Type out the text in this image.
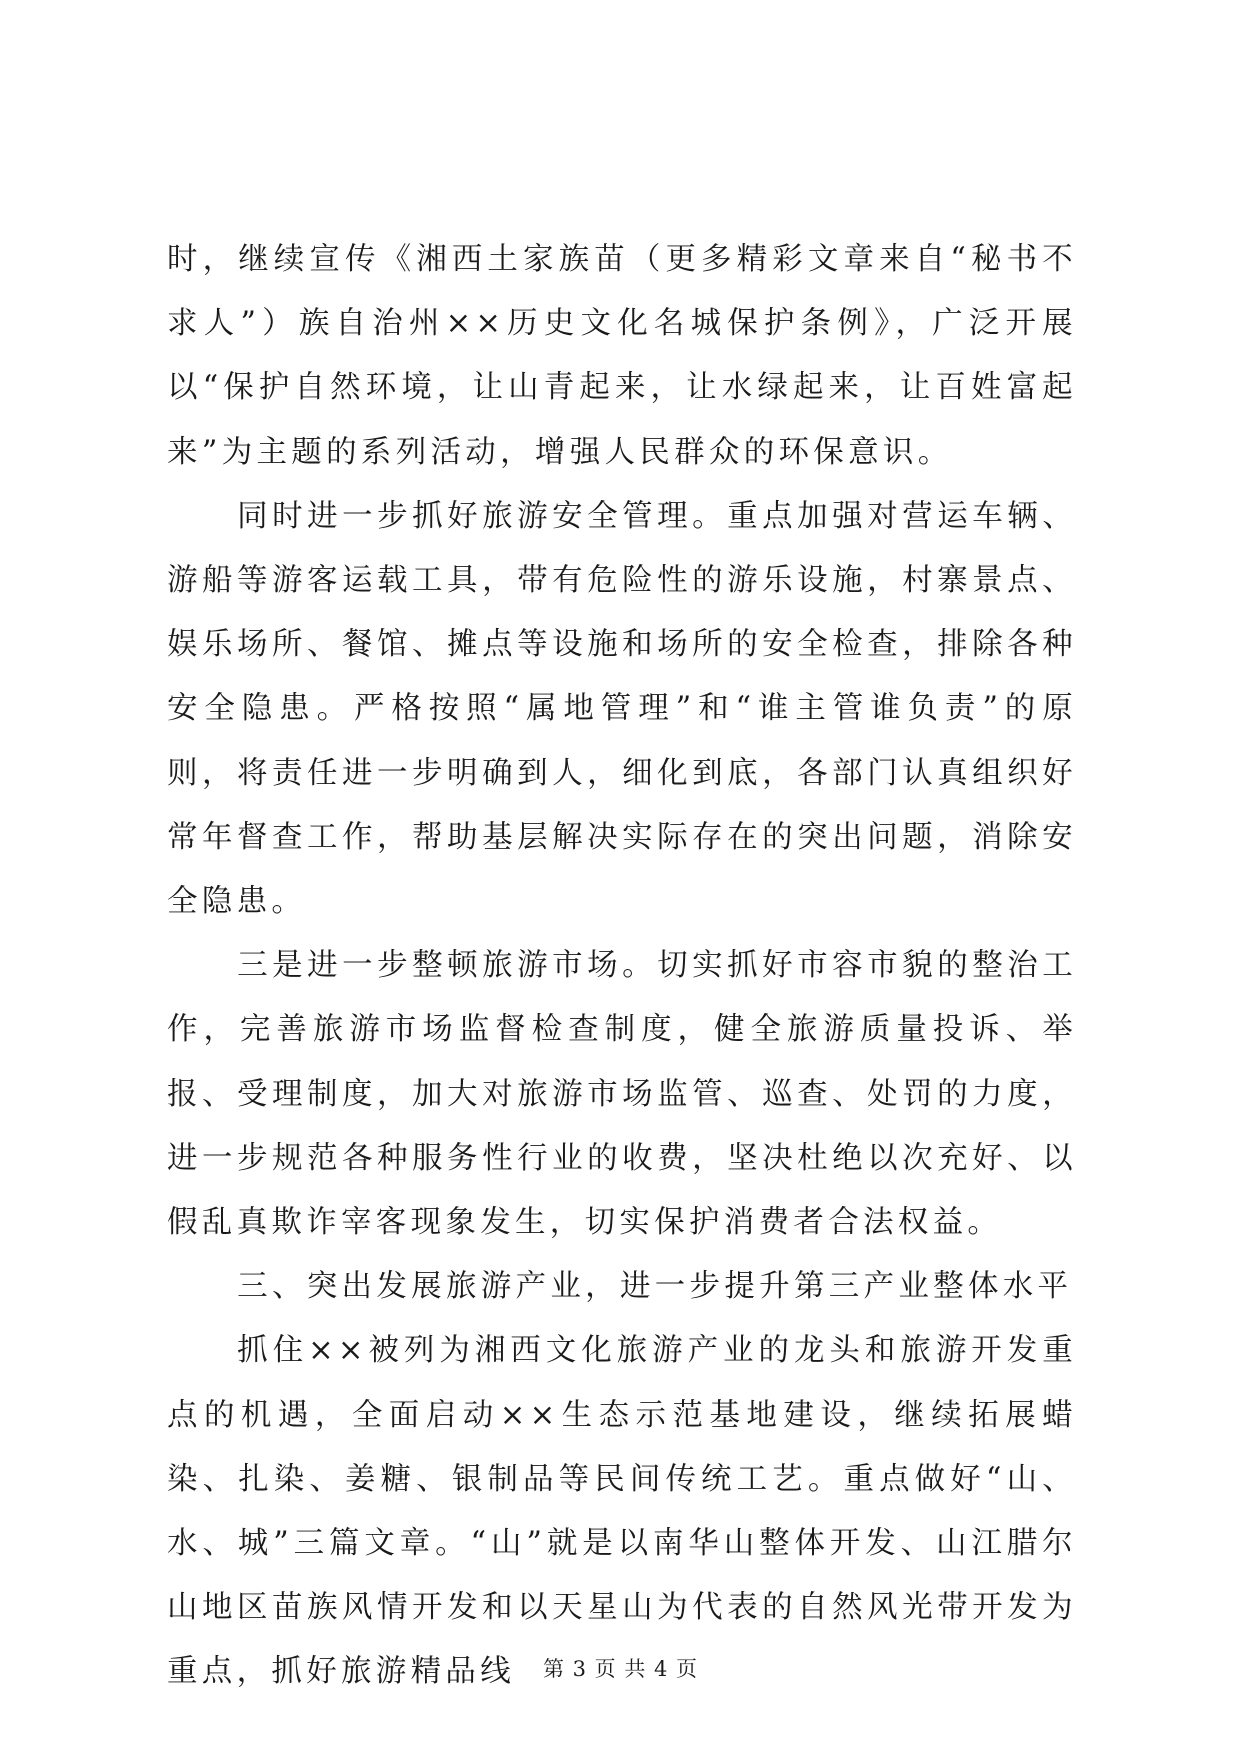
时，继续宣传《湘西土家族苗（更多精彩文章来自“秘书不求人”）族自治州××历史文化名城保护条例》，广泛开展以“保护自然环境，让山青起来，让水绿起来，让百姓富起来”为主题的系列活动，增强人民群众的环保意识。

同时进一步抓好旅游安全管理。重点加强对营运车辆、游船等游客运载工具，带有危险性的游乐设施，村寨景点、娱乐场所、餐馆、摊点等设施和场所的安全检查，排除各种安全隐患。严格按照“属地管理”和“谁主管谁负责”的原则，将责任进一步明确到人，细化到底，各部门认真组织好常年督查工作，帮助基层解决实际存在的突出问题，消除安全隐患。

三是进一步整顿旅游市场。切实抓好市容市貌的整治工作，完善旅游市场监督检查制度，健全旅游质量投诉、举报、受理制度，加大对旅游市场监管、巡查、处罚的力度，进一步规范各种服务性行业的收费，坚决杜绝以次充好、以假乱真欺诈宰客现象发生，切实保护消费者合法权益。

三、突出发展旅游产业，进一步提升第三产业整体水平

抓住××被列为湘西文化旅游产业的龙头和旅游开发重点的机遇，全面启动××生态示范基地建设，继续拓展蜡染、扎染、姜糖、银制品等民间传统工艺。重点做好“山、水、城”三篇文章。“山”就是以南华山整体开发、山江腊尔山地区苗族风情开发和以天星山为代表的自然风光带开发为重点，抓好旅游精品线	第 3 页 共 4 页
